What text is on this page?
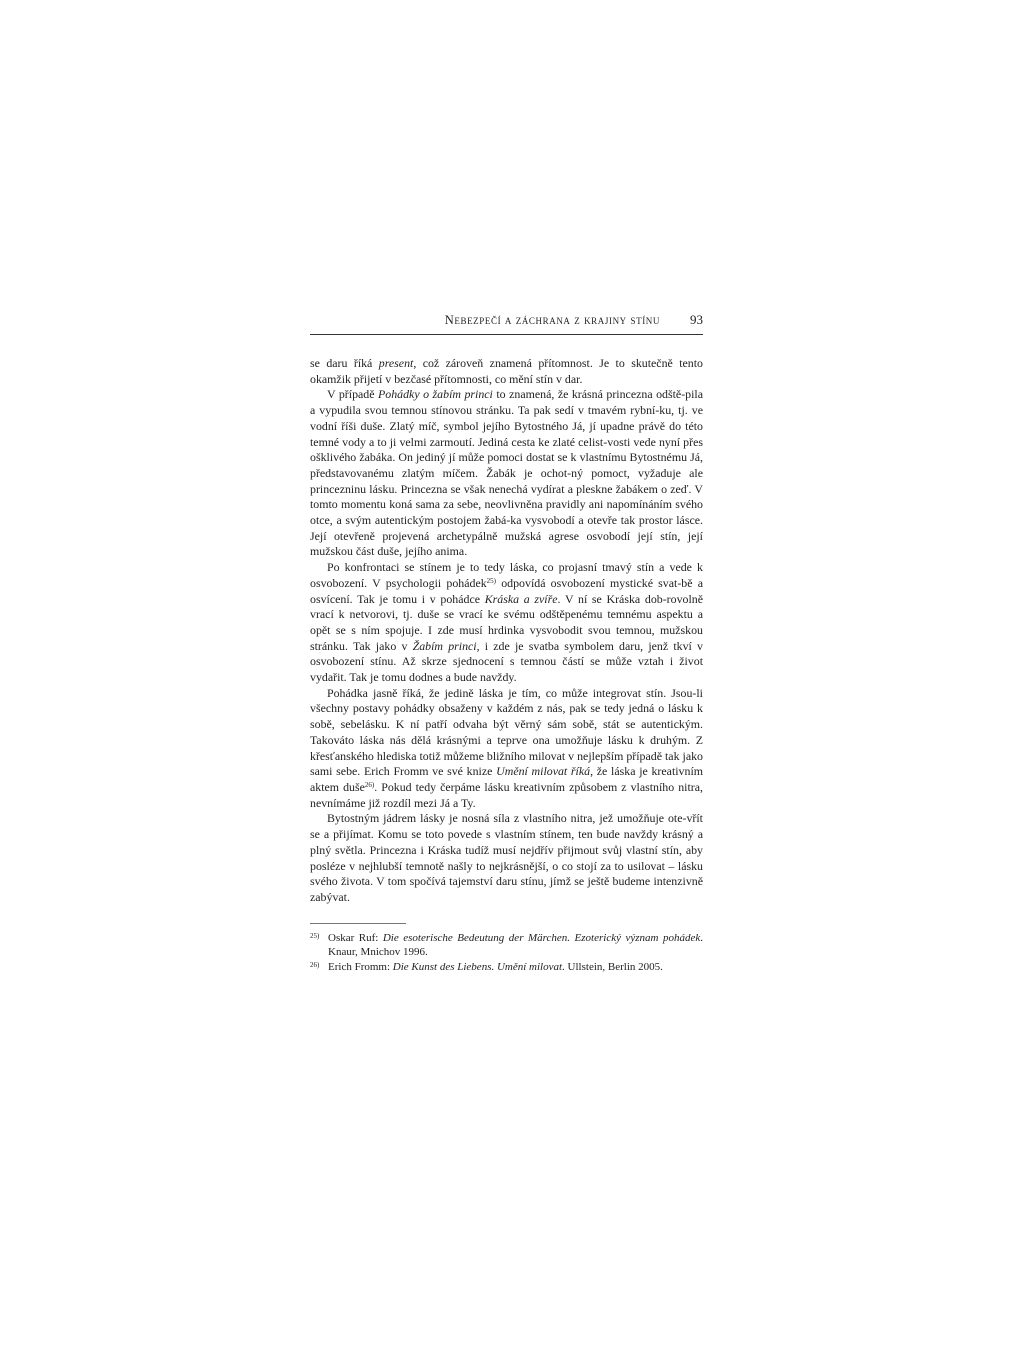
Nebezpečí a záchrana z krajiny stínu 93

se daru říká present, což zároveň znamená přítomnost. Je to skutečně tento okamžik přijetí v bezčasé přítomnosti, co mění stín v dar.

V případě Pohádky o žabím princi to znamená, že krásná princezna odště-pila a vypudila svou temnou stínovou stránku. Ta pak sedí v tmavém rybní-ku, tj. ve vodní říši duše. Zlatý míč, symbol jejího Bytostného Já, jí upadne právě do této temné vody a to ji velmi zarmoutí. Jediná cesta ke zlaté celist-vosti vede nyní přes ošklivého žabáka. On jediný jí může pomoci dostat se k vlastnímu Bytostnému Já, představovanému zlatým míčem. Žabák je ochot-ný pomoct, vyžaduje ale princezninu lásku. Princezna se však nenechá vydírat a pleskne žabákem o zeď. V tomto momentu koná sama za sebe, neovlivněna pravidly ani napomínáním svého otce, a svým autentickým postojem žabá-ka vysvobodí a otevře tak prostor lásce. Její otevřeně projevená archetypálně mužská agrese osvobodí její stín, její mužskou část duše, jejího anima.

Po konfrontaci se stínem je to tedy láska, co projasní tmavý stín a vede k osvobození. V psychologii pohádek$^{25)}$ odpovídá osvobození mystické svat-bě a osvícení. Tak je tomu i v pohádce Kráska a zvíře. V ní se Kráska dob-rovolně vrací k netvorovi, tj. duše se vrací ke svému odštěpenému temnému aspektu a opět se s ním spojuje. I zde musí hrdinka vysvobodit svou temnou, mužskou stránku. Tak jako v Žabím princi, i zde je svatba symbolem daru, jenž tkví v osvobození stínu. Až skrze sjednocení s temnou částí se může vztah i život vydařit. Tak je tomu dodnes a bude navždy.

Pohádka jasně říká, že jedině láska je tím, co může integrovat stín. Jsou-li všechny postavy pohádky obsaženy v každém z nás, pak se tedy jedná o lásku k sobě, sebelásku. K ní patří odvaha být věrný sám sobě, stát se autentickým. Takováto láska nás dělá krásnými a teprve ona umožňuje lásku k druhým. Z křesťanského hlediska totiž můžeme bližního milovat v nejlepším případě tak jako sami sebe. Erich Fromm ve své knize Umění milovat říká, že láska je kreativním aktem duše$^{26)}$. Pokud tedy čerpáme lásku kreativním způsobem z vlastního nitra, nevnímáme již rozdíl mezi Já a Ty.

Bytostným jádrem lásky je nosná síla z vlastního nitra, jež umožňuje ote-vřít se a přijímat. Komu se toto povede s vlastním stínem, ten bude navždy krásný a plný světla. Princezna i Kráska tudíž musí nejdřív přijmout svůj vlastní stín, aby posléze v nejhlubší temnotě našly to nejkrásnější, o co stojí za to usilovat – lásku svého života. V tom spočívá tajemství daru stínu, jímž se ještě budeme intenzivně zabývat.

25) Oskar Ruf: Die esoterische Bedeutung der Märchen. Ezoterický význam pohádek. Knaur, Mnichov 1996.
26) Erich Fromm: Die Kunst des Liebens. Umění milovat. Ullstein, Berlin 2005.
